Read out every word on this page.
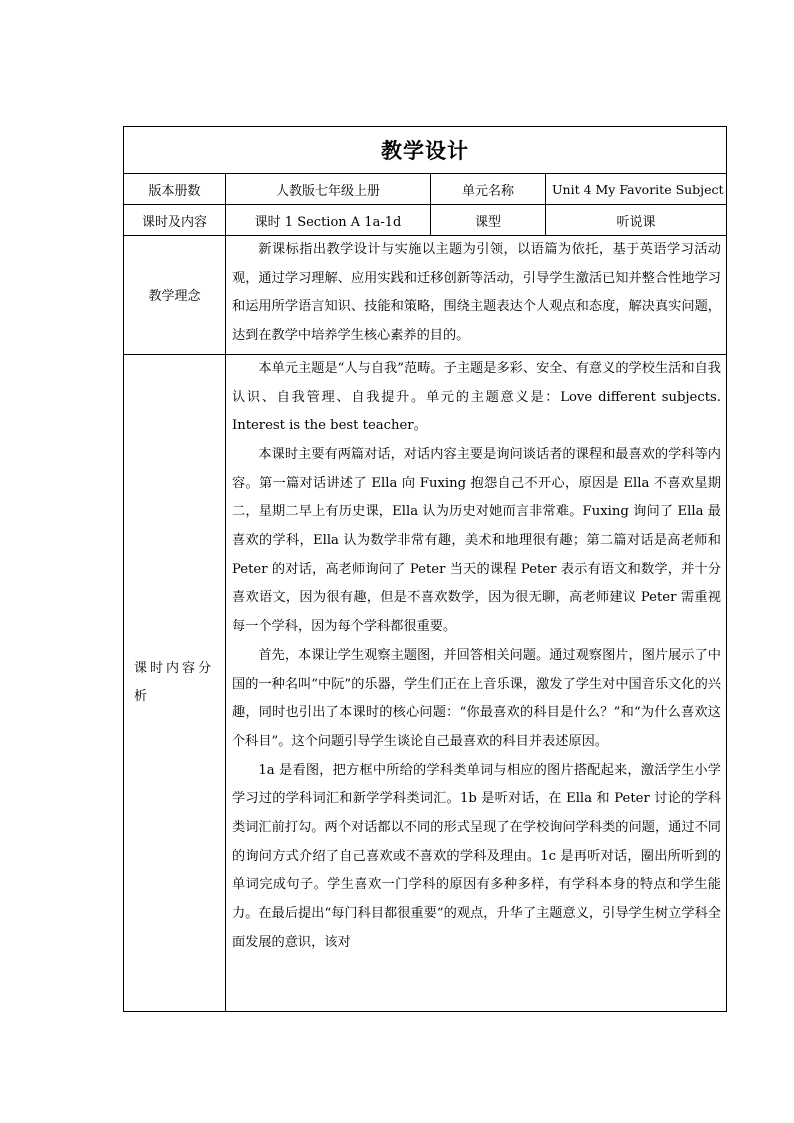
教学设计			
版本册数	人教版七年级上册	单元名称	Unit 4 My Favorite Subject
课时及内容	课时 1 Section A 1a-1d	课型	听说课
教学理念	新课标指出教学设计与实施以主题为引领，以语篇为依托，基于英语学习活动观，通过学习理解、应用实践和迁移创新等活动，引导学生激活已知并整合性地学习和运用所学语言知识、技能和策略，围绕主题表达个人观点和态度，解决真实问题，达到在教学中培养学生核心素养的目的。		

课时内容分析	本单元主题是“人与自我”范畴。子主题是多彩、安全、有意义的学校生活和自我认识、自我管理、自我提升。单元的主题意义是：Love different subjects. Interest is the best teacher。

本课时主要有两篇对话，对话内容主要是询问谈话者的课程和最喜欢的学科等内容。第一篇对话讲述了 Ella 向 Fuxing 抱怨自己不开心，原因是 Ella 不喜欢星期二，星期二早上有历史课，Ella 认为历史对她而言非常难。Fuxing 询问了 Ella 最喜欢的学科，Ella 认为数学非常有趣，美术和地理很有趣；第二篇对话是高老师和 Peter 的对话，高老师询问了 Peter 当天的课程 Peter 表示有语文和数学，并十分喜欢语文，因为很有趣，但是不喜欢数学，因为很无聊，高老师建议 Peter 需重视每一个学科，因为每个学科都很重要。

首先，本课让学生观察主题图，并回答相关问题。通过观察图片，图片展示了中国的一种名叫“中阮”的乐器，学生们正在上音乐课，激发了学生对中国音乐文化的兴趣，同时也引出了本课时的核心问题：“你最喜欢的科目是什么？”和“为什么喜欢这个科目”。这个问题引导学生谈论自己最喜欢的科目并表述原因。

1a 是看图，把方框中所给的学科类单词与相应的图片搭配起来，激活学生小学学习过的学科词汇和新学学科类词汇。1b 是听对话，在 Ella 和 Peter 讨论的学科类词汇前打勾。两个对话都以不同的形式呈现了在学校询问学科类的问题，通过不同的询问方式介绍了自己喜欢或不喜欢的学科及理由。1c 是再听对话，圈出所听到的单词完成句子。学生喜欢一门学科的原因有多种多样，有学科本身的特点和学生能力。在最后提出“每门科目都很重要”的观点，升华了主题意义，引导学生树立学科全面发展的意识，该对		
